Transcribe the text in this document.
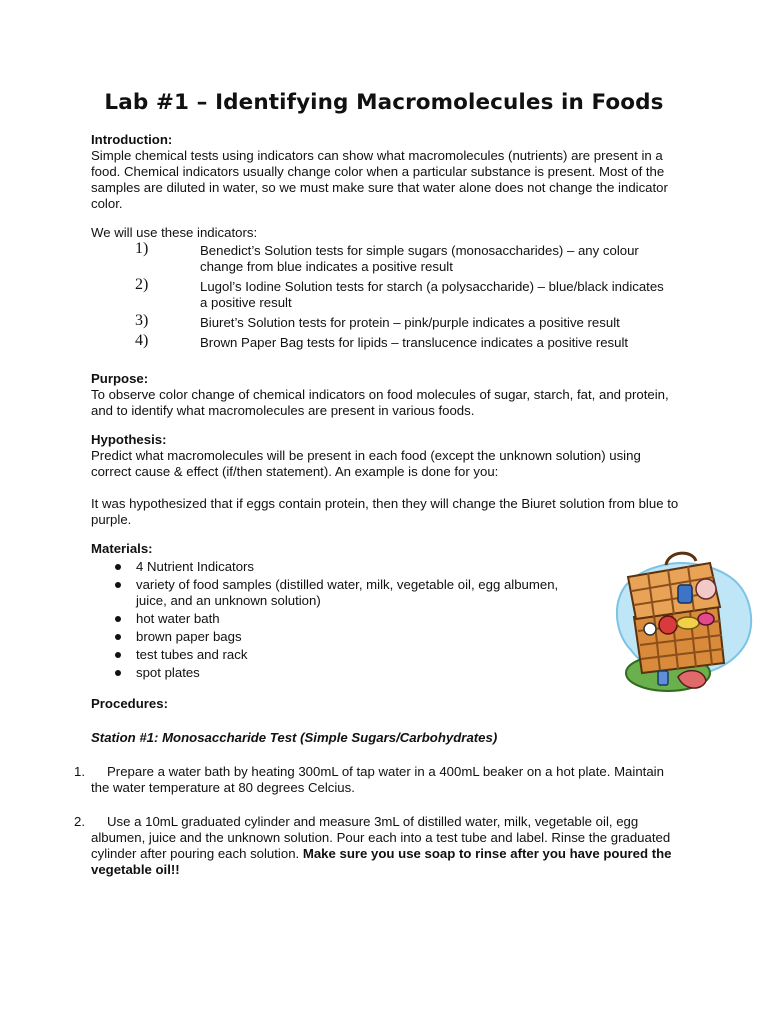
Lab #1 – Identifying Macromolecules in Foods
Introduction:

Simple chemical tests using indicators can show what macromolecules (nutrients) are present in a food. Chemical indicators usually change color when a particular substance is present. Most of the samples are diluted in water, so we must make sure that water alone does not change the indicator color.

We will use these indicators:

1)	Benedict’s Solution tests for simple sugars (monosaccharides) – any colour change from blue indicates a positive result
2)	Lugol’s Iodine Solution tests for starch (a polysaccharide) – blue/black indicates a positive result
3)	Biuret’s Solution tests for protein – pink/purple indicates a positive result
4)	Brown Paper Bag tests for lipids – translucence indicates a positive result
Purpose:

To observe color change of chemical indicators on food molecules of sugar, starch, fat, and protein, and to identify what macromolecules are present in various foods.

Hypothesis:

Predict what macromolecules will be present in each food (except the unknown solution) using correct cause & effect (if/then statement). An example is done for you:

It was hypothesized that if eggs contain protein, then they will change the Biuret solution from blue to purple.

Materials:
4 Nutrient Indicators
variety of food samples (distilled water, milk, vegetable oil, egg albumen, juice, and an unknown solution)
hot water bath
brown paper bags
test tubes and rack
spot plates
Procedures:
Station #1: Monosaccharide Test (Simple Sugars/Carbohydrates)
1.	Prepare a water bath by heating 300mL of tap water in a 400mL beaker on a hot plate. Maintain the water temperature at 80 degrees Celcius.

2.	Use a 10mL graduated cylinder and measure 3mL of distilled water, milk, vegetable oil, egg albumen, juice and the unknown solution. Pour each into a test tube and label. Rinse the graduated cylinder after pouring each solution. Make sure you use soap to rinse after you have poured the vegetable oil!!
